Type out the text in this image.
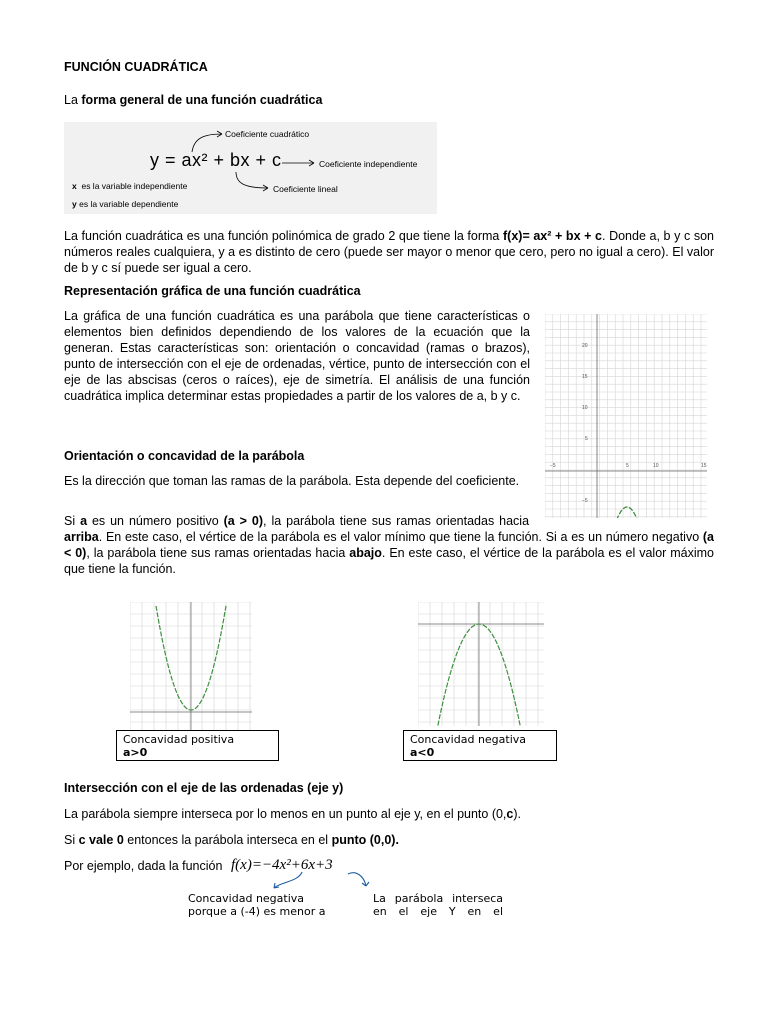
FUNCIÓN CUADRÁTICA
La forma general de una función cuadrática
y = ax² + bx + c
Coeficiente cuadrático
Coeficiente independiente
Coeficiente lineal
x es la variable independiente
y es la variable dependiente

La función cuadrática es una función polinómica de grado 2 que tiene la forma f(x)= ax² + bx + c. Donde a, b y c son números reales cualquiera, y a es distinto de cero (puede ser mayor o menor que cero, pero no igual a cero). El valor de b y c sí puede ser igual a cero.

Representación gráfica de una función cuadrática

La gráfica de una función cuadrática es una parábola que tiene características o elementos bien definidos dependiendo de los valores de la ecuación que la generan. Estas características son: orientación o concavidad (ramas o brazos), punto de intersección con el eje de ordenadas, vértice, punto de intersección con el eje de las abscisas (ceros o raíces), eje de simetría. El análisis de una función cuadrática implica determinar estas propiedades a partir de los valores de a, b y c.

−5	5	10	15
20
15
10
5
−5
Orientación o concavidad de la parábola

Es la dirección que toman las ramas de la parábola. Esta depende del coeficiente.

Si a es un número positivo (a > 0), la parábola tiene sus ramas orientadas hacia arriba. En este caso, el vértice de la parábola es el valor mínimo que tiene la función. Si a es un número negativo (a < 0), la parábola tiene sus ramas orientadas hacia abajo. En este caso, el vértice de la parábola es el valor máximo que tiene la función.

Concavidad positiva
a>0
Concavidad negativa
a<0
Intersección con el eje de las ordenadas (eje y)

La parábola siempre interseca por lo menos en un punto al eje y, en el punto (0,c).

Si c vale 0 entonces la parábola interseca en el punto (0,0).

Por ejemplo, dada la función f(x)=−4x²+6x+3
Concavidad negativa
porque a (-4) es menor a
La parábola interseca
en el eje Y en el
